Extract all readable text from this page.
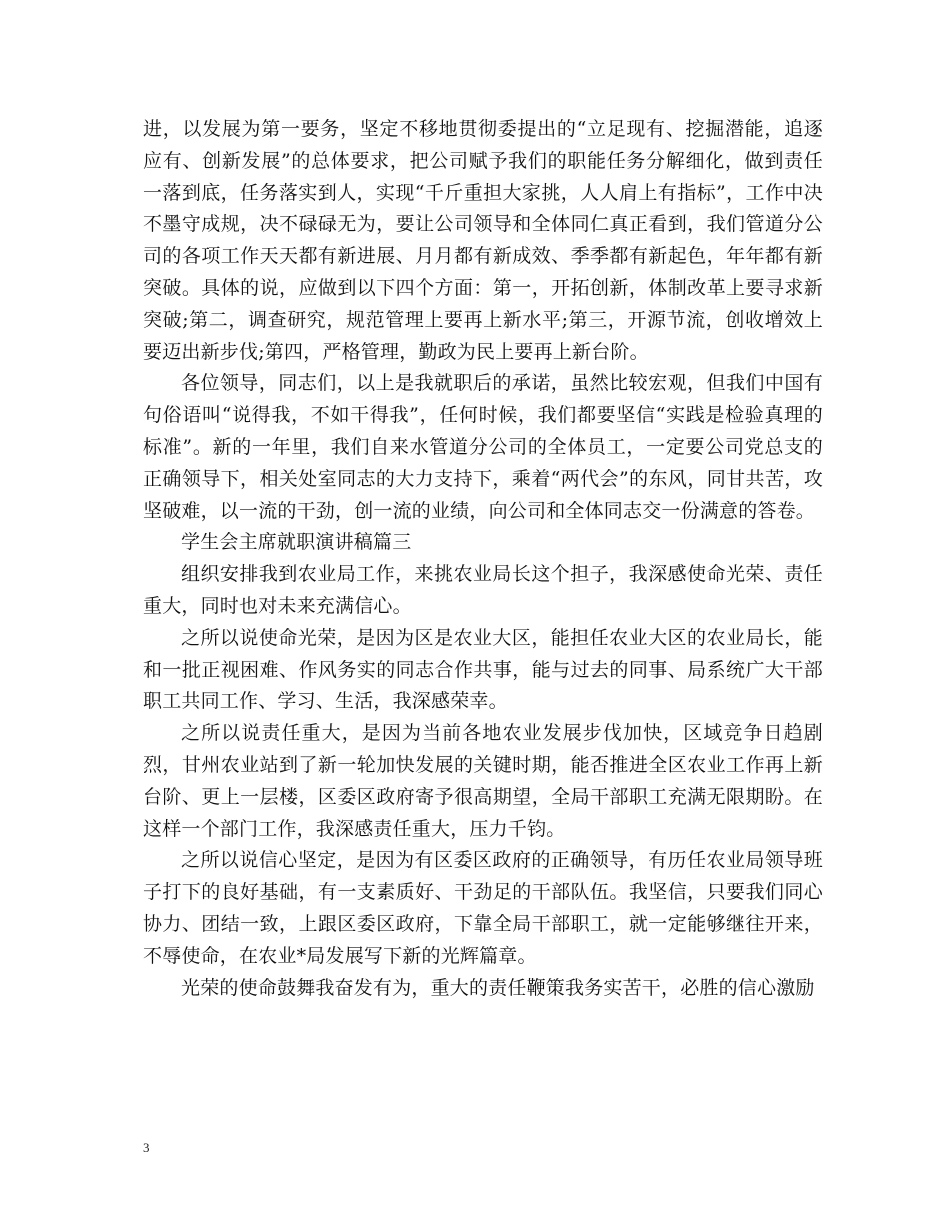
进，以发展为第一要务，坚定不移地贯彻委提出的“立足现有、挖掘潜能，追逐应有、创新发展”的总体要求，把公司赋予我们的职能任务分解细化，做到责任一落到底，任务落实到人，实现“千斤重担大家挑，人人肩上有指标”，工作中决不墨守成规，决不碌碌无为，要让公司领导和全体同仁真正看到，我们管道分公司的各项工作天天都有新进展、月月都有新成效、季季都有新起色，年年都有新突破。具体的说，应做到以下四个方面：第一，开拓创新，体制改革上要寻求新突破;第二，调查研究，规范管理上要再上新水平;第三，开源节流，创收增效上要迈出新步伐;第四，严格管理，勤政为民上要再上新台阶。

各位领导，同志们，以上是我就职后的承诺，虽然比较宏观，但我们中国有句俗语叫“说得我，不如干得我”，任何时候，我们都要坚信“实践是检验真理的标准”。新的一年里，我们自来水管道分公司的全体员工，一定要公司党总支的正确领导下，相关处室同志的大力支持下，乘着“两代会”的东风，同甘共苦，攻坚破难，以一流的干劲，创一流的业绩，向公司和全体同志交一份满意的答卷。

学生会主席就职演讲稿篇三

组织安排我到农业局工作，来挑农业局长这个担子，我深感使命光荣、责任重大，同时也对未来充满信心。

之所以说使命光荣，是因为区是农业大区，能担任农业大区的农业局长，能和一批正视困难、作风务实的同志合作共事，能与过去的同事、局系统广大干部职工共同工作、学习、生活，我深感荣幸。

之所以说责任重大，是因为当前各地农业发展步伐加快，区域竞争日趋剧烈，甘州农业站到了新一轮加快发展的关键时期，能否推进全区农业工作再上新台阶、更上一层楼，区委区政府寄予很高期望，全局干部职工充满无限期盼。在这样一个部门工作，我深感责任重大，压力千钧。

之所以说信心坚定，是因为有区委区政府的正确领导，有历任农业局领导班子打下的良好基础，有一支素质好、干劲足的干部队伍。我坚信，只要我们同心协力、团结一致，上跟区委区政府，下靠全局干部职工，就一定能够继往开来，不辱使命，在农业*局发展写下新的光辉篇章。

光荣的使命鼓舞我奋发有为，重大的责任鞭策我务实苦干，必胜的信心激励

3
